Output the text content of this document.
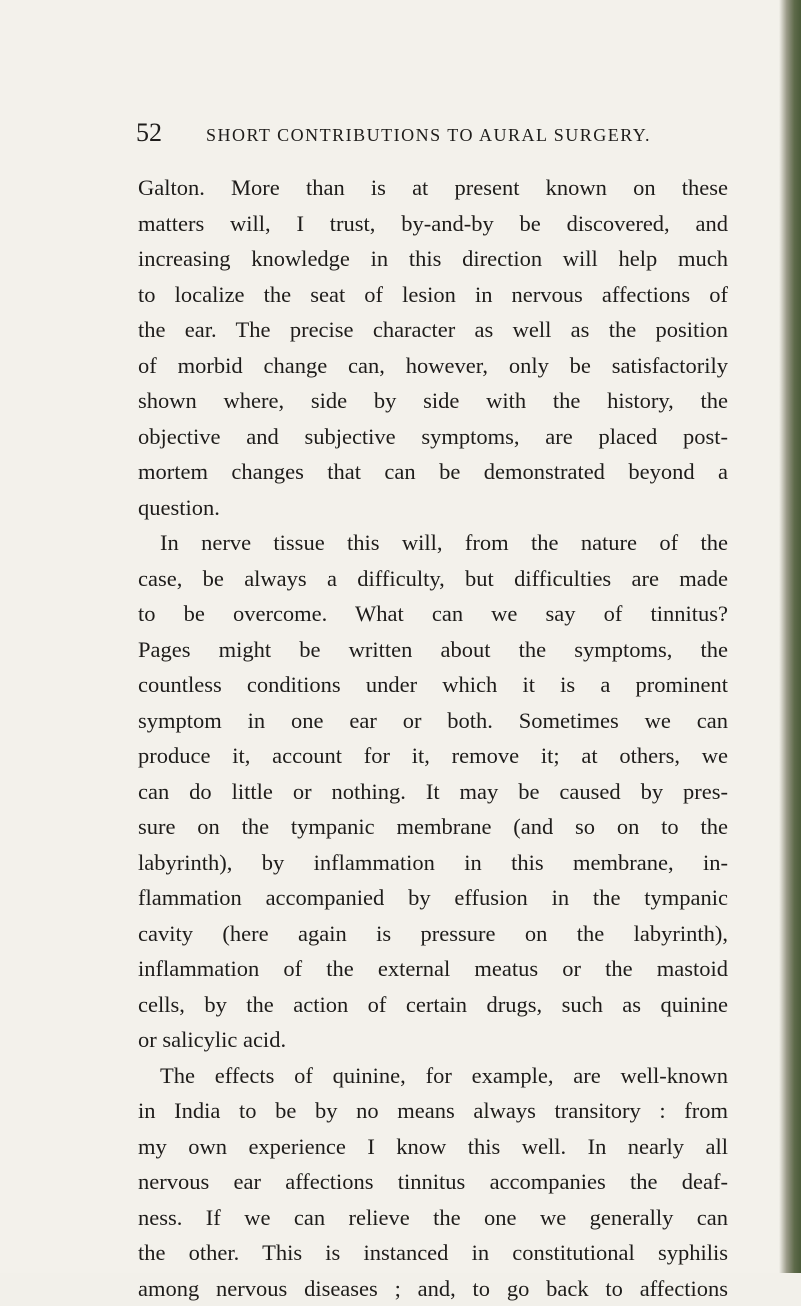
52 SHORT CONTRIBUTIONS TO AURAL SURGERY.
Galton. More than is at present known on these
matters will, I trust, by-and-by be discovered, and
increasing knowledge in this direction will help much
to localize the seat of lesion in nervous affections of
the ear. The precise character as well as the position
of morbid change can, however, only be satisfactorily
shown where, side by side with the history, the
objective and subjective symptoms, are placed post-
mortem changes that can be demonstrated beyond a
question.
In nerve tissue this will, from the nature of the
case, be always a difficulty, but difficulties are made
to be overcome. What can we say of tinnitus?
Pages might be written about the symptoms, the
countless conditions under which it is a prominent
symptom in one ear or both. Sometimes we can
produce it, account for it, remove it; at others, we
can do little or nothing. It may be caused by pres-
sure on the tympanic membrane (and so on to the
labyrinth), by inflammation in this membrane, in-
flammation accompanied by effusion in the tympanic
cavity (here again is pressure on the labyrinth),
inflammation of the external meatus or the mastoid
cells, by the action of certain drugs, such as quinine
or salicylic acid.
The effects of quinine, for example, are well-known
in India to be by no means always transitory : from
my own experience I know this well. In nearly all
nervous ear affections tinnitus accompanies the deaf-
ness. If we can relieve the one we generally can
the other. This is instanced in constitutional syphilis
among nervous diseases ; and, to go back to affections
